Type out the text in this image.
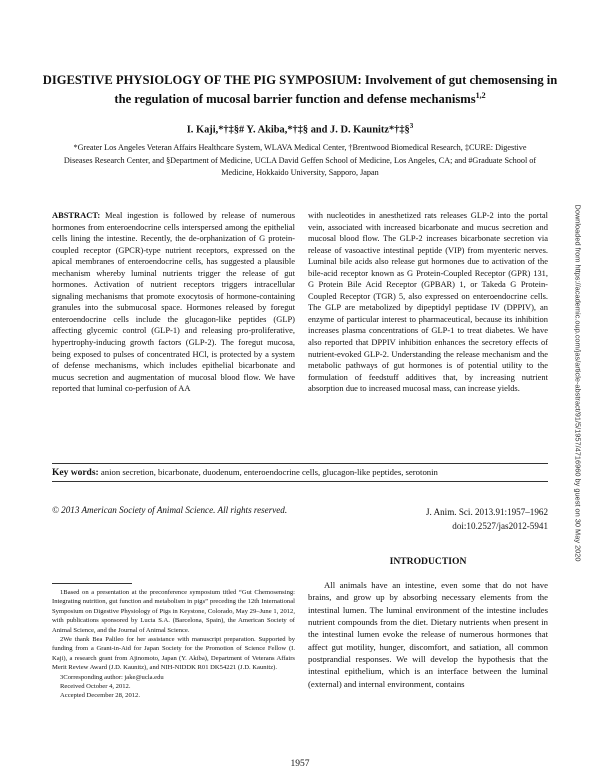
DIGESTIVE PHYSIOLOGY OF THE PIG SYMPOSIUM: Involvement of gut chemosensing in the regulation of mucosal barrier function and defense mechanisms$^{1,2}$
I. Kaji,*†‡§# Y. Akiba,*†‡§ and J. D. Kaunitz*†‡§$^3$
*Greater Los Angeles Veteran Affairs Healthcare System, WLAVA Medical Center, †Brentwood Biomedical Research, ‡CURE: Digestive Diseases Research Center, and §Department of Medicine, UCLA David Geffen School of Medicine, Los Angeles, CA; and #Graduate School of Medicine, Hokkaido University, Sapporo, Japan
ABSTRACT: Meal ingestion is followed by release of numerous hormones from enteroendocrine cells interspersed among the epithelial cells lining the intestine. Recently, the de-orphanization of G protein-coupled receptor (GPCR)-type nutrient receptors, expressed on the apical membranes of enteroendocrine cells, has suggested a plausible mechanism whereby luminal nutrients trigger the release of gut hormones. Activation of nutrient receptors triggers intracellular signaling mechanisms that promote exocytosis of hormone-containing granules into the submucosal space. Hormones released by foregut enteroendocrine cells include the glucagon-like peptides (GLP) affecting glycemic control (GLP-1) and releasing pro-proliferative, hypertrophy-inducing growth factors (GLP-2). The foregut mucosa, being exposed to pulses of concentrated HCl, is protected by a system of defense mechanisms, which includes epithelial bicarbonate and mucus secretion and augmentation of mucosal blood flow. We have reported that luminal co-perfusion of AA
with nucleotides in anesthetized rats releases GLP-2 into the portal vein, associated with increased bicarbonate and mucus secretion and mucosal blood flow. The GLP-2 increases bicarbonate secretion via release of vasoactive intestinal peptide (VIP) from myenteric nerves. Luminal bile acids also release gut hormones due to activation of the bile-acid receptor known as G Protein-Coupled Receptor (GPR) 131, G Protein Bile Acid Receptor (GPBAR) 1, or Takeda G Protein-Coupled Receptor (TGR) 5, also expressed on enteroendocrine cells. The GLP are metabolized by dipeptidyl peptidase IV (DPPIV), an enzyme of particular interest to pharmaceutical, because its inhibition increases plasma concentrations of GLP-1 to treat diabetes. We have also reported that DPPIV inhibition enhances the secretory effects of nutrient-evoked GLP-2. Understanding the release mechanism and the metabolic pathways of gut hormones is of potential utility to the formulation of feedstuff additives that, by increasing nutrient absorption due to increased mucosal mass, can increase yields.
Key words: anion secretion, bicarbonate, duodenum, enteroendocrine cells, glucagon-like peptides, serotonin
© 2013 American Society of Animal Science. All rights reserved.	J. Anim. Sci. 2013.91:1957–1962
doi:10.2527/jas2012-5941
INTRODUCTION
All animals have an intestine, even some that do not have brains, and grow up by absorbing necessary elements from the intestinal lumen. The luminal environment of the intestine includes nutrient compounds from the diet. Dietary nutrients when present in the intestinal lumen evoke the release of numerous hormones that affect gut motility, hunger, discomfort, and satiation, all common postprandial responses. We will develop the hypothesis that the intestinal epithelium, which is an interface between the luminal (external) and internal environment, contains

1Based on a presentation at the preconference symposium titled “Gut Chemosensing: Integrating nutrition, gut function and metabolism in pigs” preceding the 12th International Symposium on Digestive Physiology of Pigs in Keystone, Colorado, May 29–June 1, 2012, with publications sponsored by Lucta S.A. (Barcelona, Spain), the American Society of Animal Science, and the Journal of Animal Science.

2We thank Bea Palileo for her assistance with manuscript preparation. Supported by funding from a Grant-in-Aid for Japan Society for the Promotion of Science Fellow (I. Kaji), a research grant from Ajinomoto, Japan (Y. Akiba), Department of Veterans Affairs Merit Review Award (J.D. Kaunitz), and NIH-NIDDK R01 DK54221 (J.D. Kaunitz).

3Corresponding author: jake@ucla.edu

Received October 4, 2012.

Accepted December 28, 2012.

1957
Downloaded from https://academic.oup.com/jas/article-abstract/91/5/1957/4716960 by guest on 30 May 2020
